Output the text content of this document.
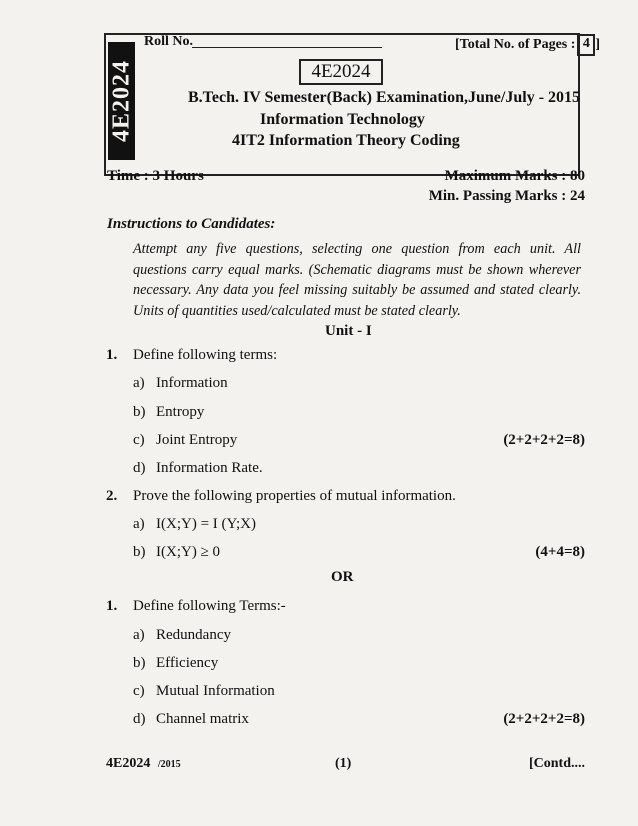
4E2024
Roll No.	[Total No. of Pages : 4 ]
4E2024
B.Tech. IV Semester(Back) Examination,June/July - 2015
Information Technology
4IT2 Information Theory Coding
Time : 3 Hours	Maximum Marks : 80
Min. Passing Marks : 24
Instructions to Candidates:
Attempt any five questions, selecting one question from each unit. All questions carry equal marks. (Schematic diagrams must be shown wherever necessary. Any data you feel missing suitably be assumed and stated clearly. Units of quantities used/calculated must be stated clearly.
Unit - I
1. Define following terms:
a) Information
b) Entropy
c) Joint Entropy	(2+2+2+2=8)
d) Information Rate.
2. Prove the following properties of mutual information.
a) I(X;Y) = I (Y;X)
b) I(X;Y) ≥ 0	(4+4=8)
OR
1. Define following Terms:-
a) Redundancy
b) Efficiency
c) Mutual Information
d) Channel matrix	(2+2+2+2=8)
4E2024 /2015	(1)	[Contd....
